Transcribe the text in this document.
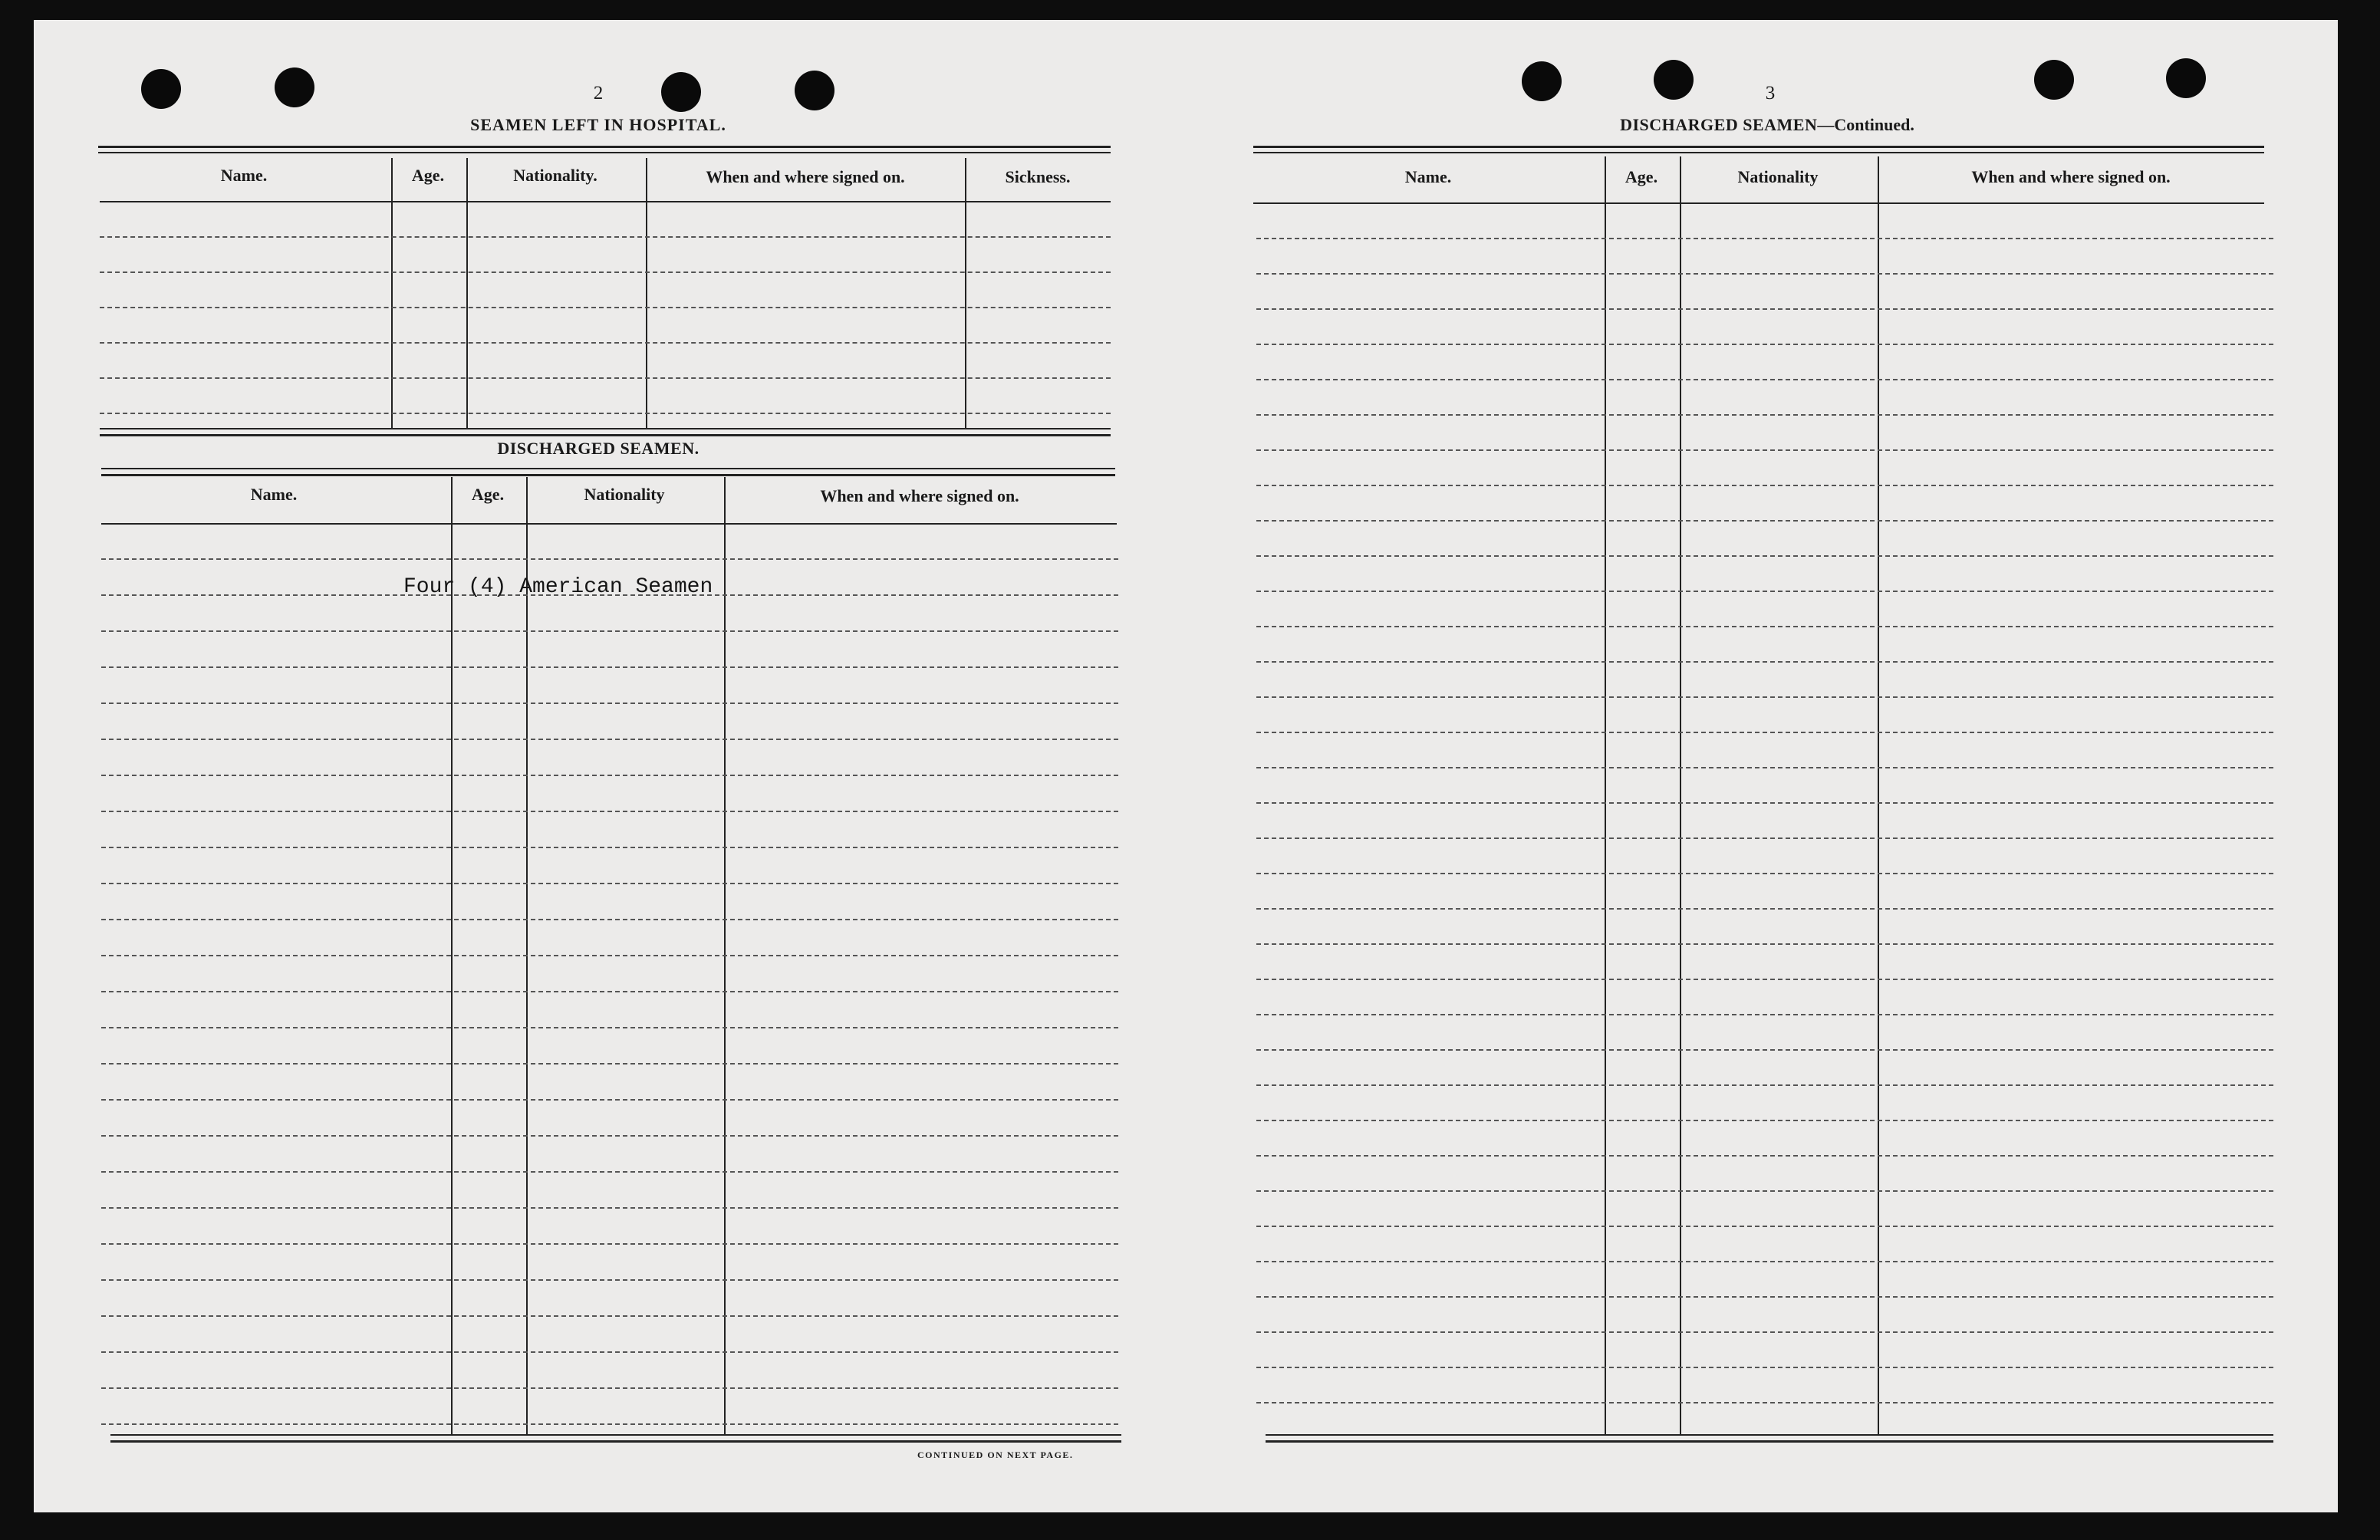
2
SEAMEN LEFT IN HOSPITAL.
Name.	Age.	Nationality.	When and where signed on.	Sickness.
DISCHARGED SEAMEN.
Name.	Age.	Nationality	When and where signed on.
Four (4) American Seamen
CONTINUED ON NEXT PAGE.
3
DISCHARGED SEAMEN—Continued.
Name.	Age.	Nationality	When and where signed on.
